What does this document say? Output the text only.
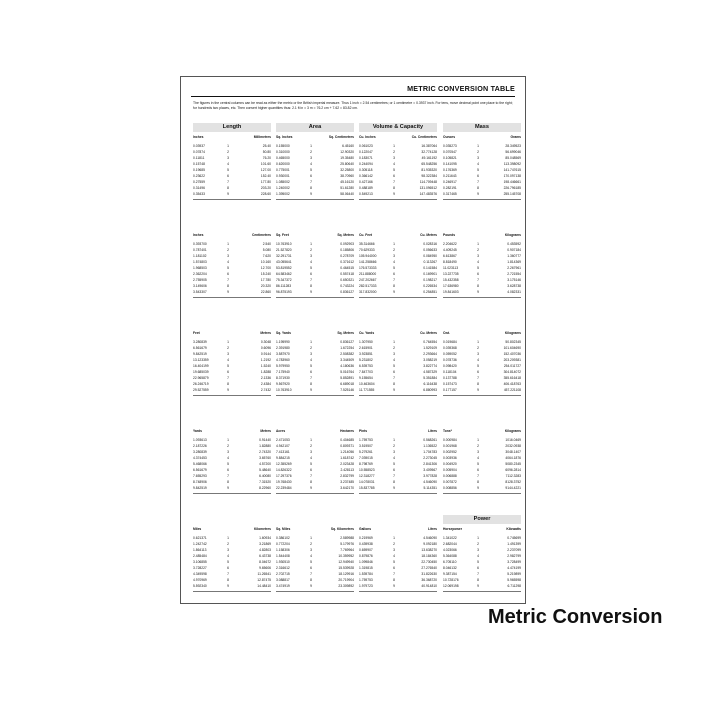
METRIC CONVERSION TABLE
The figures in the central columns can be read as either the metric or the British imperial measure. Thus 1 inch = 2.54 centimetres; or 1 centimetre = 0.3937 inch. For tens, move decimal point one place to the right; for hundreds two places, etc. Then convert higher quantities thus: 2.1 ft in = 3 m = 76.2 cm + 7.62 = 83.82 cm.
Length	Area	Volume & Capacity	Mass
Power
Inches	Millimetres
0.03937	1	25.40
0.07874	2	50.80
0.11811	3	76.20
0.15748	4	101.60
0.19685	5	127.00
0.23622	6	152.40
0.27559	7	177.80
0.31496	8	203.20
0.35433	9	228.60
Sq. Inches	Sq. Centimetres
0.155000	1	6.45160
0.310000	2	12.90320
0.465000	3	19.35480
0.620000	4	25.80640
0.775001	5	32.25800
0.930001	6	38.70960
1.085002	7	45.16120
1.240002	8	51.61280
1.395002	9	58.06440
Cu. Inches	Cu. Centimetres
0.061023	1	16.387064
0.122047	2	32.774128
0.183071	3	49.161192
0.244094	4	65.548256
0.305118	5	81.935320
0.366142	6	98.322384
0.427166	7	114.709448
0.488189	8	131.096512
0.549213	9	147.483576
Ounces	Grams
0.035273	1	28.349523
0.070547	2	56.699046
0.105821	3	85.048569
0.141095	4	113.398092
0.176369	5	141.747615
0.211643	6	170.097138
0.246917	7	198.446661
0.282191	8	226.796185
0.317465	9	255.145708
Inches	Centimetres
0.393700	1	2.540
0.787401	2	5.080
1.181102	3	7.620
1.574803	4	10.160
1.968503	5	12.700
2.362204	6	15.240
2.755905	7	17.780
3.149606	8	20.320
3.543307	9	22.860
Sq. Feet	Sq. Metres
10.763910	1	0.092903
21.527820	2	0.185806
32.291731	3	0.278709
43.055641	4	0.371612
53.819552	5	0.464515
64.583462	6	0.557418
75.347372	7	0.650321
86.111283	8	0.743224
96.875193	9	0.836127
Cu. Feet	Cu. Metres
35.314666	1	0.028316
70.629333	2	0.056633
105.944000	3	0.084950
141.258666	4	0.113267
176.573333	5	0.141584
211.888000	6	0.169901
247.202667	7	0.198217
282.517333	8	0.226534
317.832000	9	0.254851
Pounds	Kilograms
2.204622	1	0.453592
4.409245	2	0.907184
6.613867	3	1.360777
8.818490	4	1.814369
11.023113	5	2.267961
13.227735	6	2.721554
15.432358	7	3.175146
17.636980	8	3.628738
19.841603	9	4.082331
Feet	Metres
3.280839	1	0.3048
6.561679	2	0.6096
9.842519	3	0.9144
13.123359	4	1.2192
16.404199	5	1.5240
19.685039	6	1.8288
22.965879	7	2.1336
26.246719	8	2.4384
29.527559	9	2.7432
Sq. Yards	Sq. Metres
1.195990	1	0.836127
2.391980	2	1.672254
3.587970	3	2.508382
4.783960	4	3.344509
5.979950	5	4.180636
7.175940	6	5.016764
8.371930	7	5.852891
9.567920	8	6.689018
10.763910	9	7.525146
Cu. Yards	Cu. Metres
1.307950	1	0.764554
2.615901	2	1.529109
3.923851	3	2.293664
5.231802	4	3.058219
6.539753	5	3.822774
7.847703	6	4.587329
9.155654	7	5.351884
10.463604	8	6.116438
11.771555	9	6.880993
Cwt.	Kilograms
0.019684	1	50.802345
0.039368	2	101.604690
0.059052	3	152.407036
0.078736	4	203.209381
0.098420	5	254.011727
0.118104	6	304.814072
0.137788	7	355.616418
0.157473	8	406.418763
0.177157	9	457.221108
Yards	Metres
1.093613	1	0.91440
2.187226	2	1.82880
3.280839	3	2.74320
4.374453	4	3.65760
5.468066	5	4.57200
6.561679	6	5.48640
7.655293	7	6.40080
8.748906	8	7.31520
9.842519	9	8.22960
Acres	Hectares
2.471053	1	0.404685
4.942107	2	0.809371
7.413161	3	1.214056
9.884215	4	1.618742
12.355269	5	2.023428
14.826322	6	2.428113
17.297376	7	2.832799
19.768430	8	3.237485
22.239484	9	3.642170
Pints	Litres
1.759753	1	0.568261
3.519507	2	1.136522
5.279261	3	1.704783
7.039015	4	2.273045
8.798769	5	2.841306
10.558523	6	3.409567
12.318277	7	3.977828
14.078031	8	4.546090
15.837785	9	5.114351
Tons*	Kilograms
0.000984	1	1016.0469
0.001968	2	2032.0938
0.002952	3	3048.1407
0.003936	4	4064.1876
0.004920	5	5080.2345
0.005904	6	6096.2814
0.006888	7	7112.3283
0.007872	8	8128.3752
0.008856	9	9144.4221
Miles	Kilometres
0.621371	1	1.60934
1.242742	2	3.21869
1.864113	3	4.82803
2.485484	4	6.43738
3.106855	5	8.04672
3.728227	6	9.65606
4.349598	7	11.26541
4.970969	8	12.87475
5.592340	9	14.48410
Sq. Miles	Sq. Kilometres
0.386102	1	2.589988
0.772204	2	5.179976
1.158306	3	7.769964
1.544408	4	10.359952
1.930510	5	12.949940
2.316612	6	15.539928
2.702715	7	18.129916
3.088817	8	20.719904
3.474919	9	23.309892
Gallons	Litres
0.219969	1	4.546090
0.439938	2	9.092180
0.659907	3	13.638270
0.879876	4	18.184360
1.099846	5	22.730450
1.319815	6	27.276540
1.539784	7	31.822630
1.759753	8	36.368720
1.979723	9	40.914810
Horsepower	Kilowatts
1.341022	1	0.745699
2.682044	2	1.491399
4.023066	3	2.237099
5.364088	4	2.982799
6.705110	5	3.728499
8.046132	6	4.474199
9.387154	7	5.219899
10.728176	8	5.965598
12.069198	9	6.711298
Metric Conversion
